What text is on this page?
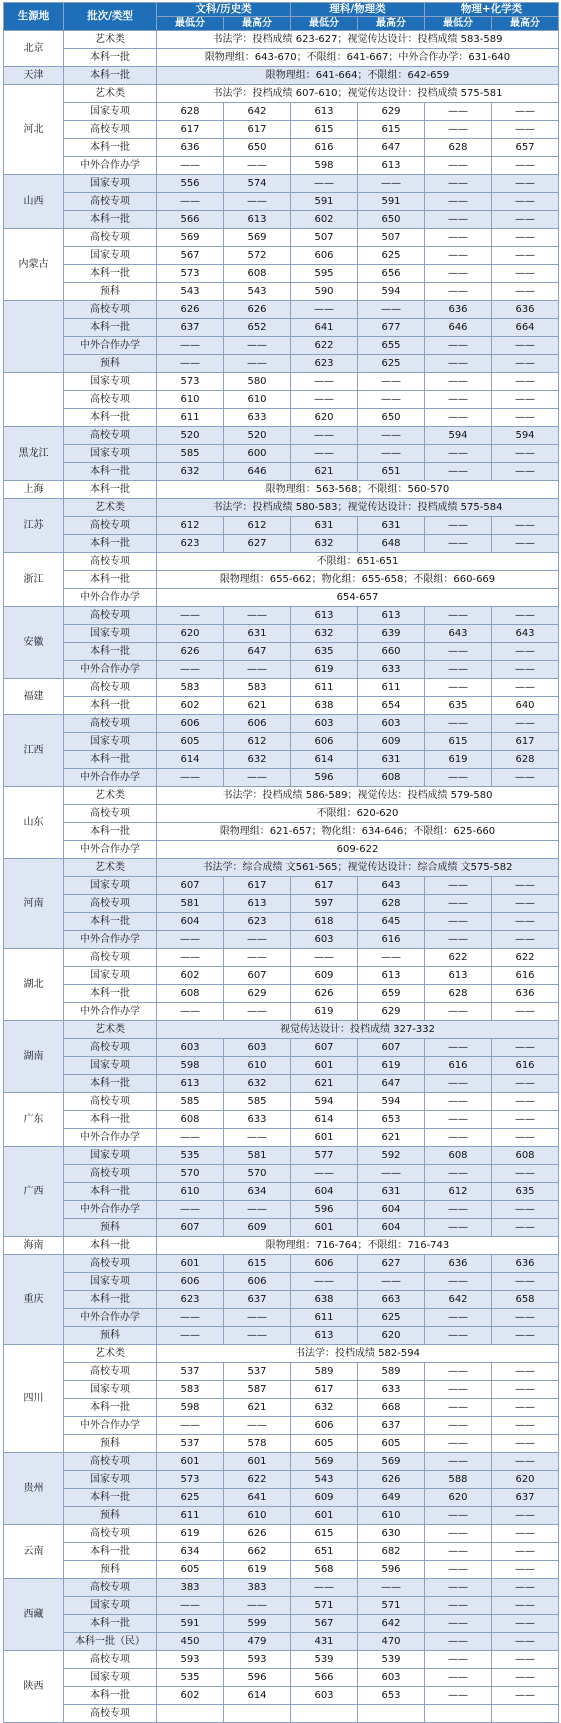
生源地	批次/类型	文科/历史类		理科/物理类		物理+化学类	
		最低分	最高分	最低分	最高分	最低分	最高分
北京	艺术类	书法学：投档成绩 623-627；视觉传达设计：投档成绩 583-589					
	本科一批	限物理组：643-670；不限组：641-667；中外合作办学：631-640					
天津	本科一批	限物理组：641-664；不限组：642-659					
河北	艺术类	书法学：投档成绩 607-610；视觉传达设计：投档成绩 575-581					
	国家专项	628	642	613	629	——	——
	高校专项	617	617	615	615	——	——
	本科一批	636	650	616	647	628	657
	中外合作办学	——	——	598	613	——	——
山西	国家专项	556	574	——	——	——	——
	高校专项	——	——	591	591	——	——
	本科一批	566	613	602	650	——	——
内蒙古	高校专项	569	569	507	507	——	——
	国家专项	567	572	606	625	——	——
	本科一批	573	608	595	656	——	——
	预科	543	543	590	594	——	——
	高校专项	626	626	——	——	636	636
	本科一批	637	652	641	677	646	664
	中外合作办学	——	——	622	655	——	——
	预科	——	——	623	625	——	——
	国家专项	573	580	——	——	——	——
	高校专项	610	610	——	——	——	——
	本科一批	611	633	620	650	——	——
黑龙江	高校专项	520	520	——	——	594	594
	国家专项	585	600	——	——	——	——
	本科一批	632	646	621	651	——	——
上海	本科一批	限物理组：563-568；不限组：560-570					
江苏	艺术类	书法学：投档成绩 580-583；视觉传达设计：投档成绩 575-584					
	高校专项	612	612	631	631	——	——
	本科一批	623	627	632	648	——	——
浙江	高校专项	不限组：651-651					
	本科一批	限物理组：655-662；物化组：655-658；不限组：660-669					
	中外合作办学	654-657					
安徽	高校专项	——	——	613	613	——	——
	国家专项	620	631	632	639	643	643
	本科一批	626	647	635	660	——	——
	中外合作办学	——	——	619	633	——	——
福建	高校专项	583	583	611	611	——	——
	本科一批	602	621	638	654	635	640
江西	高校专项	606	606	603	603	——	——
	国家专项	605	612	606	609	615	617
	本科一批	614	632	614	631	619	628
	中外合作办学	——	——	596	608	——	——
山东	艺术类	书法学：投档成绩 586-589；视觉传达：投档成绩 579-580					
	高校专项	不限组：620-620					
	本科一批	限物理组：621-657；物化组：634-646；不限组：625-660					
	中外合作办学	609-622					
河南	艺术类	书法学：综合成绩 文561-565；视觉传达设计：综合成绩 文575-582					
	国家专项	607	617	617	643	——	——
	高校专项	581	613	597	628	——	——
	本科一批	604	623	618	645	——	——
	中外合作办学	——	——	603	616	——	——
湖北	高校专项	——	——	——	——	622	622
	国家专项	602	607	609	613	613	616
	本科一批	608	629	626	659	628	636
	中外合作办学	——	——	619	629	——	——
湖南	艺术类	视觉传达设计：投档成绩 327-332					
	高校专项	603	603	607	607	——	——
	国家专项	598	610	601	619	616	616
	本科一批	613	632	621	647	——	——
广东	高校专项	585	585	594	594	——	——
	本科一批	608	633	614	653	——	——
	中外合作办学	——	——	601	621	——	——
广西	国家专项	535	581	577	592	608	608
	高校专项	570	570	——	——	——	——
	本科一批	610	634	604	631	612	635
	中外合作办学	——	——	596	604	——	——
	预科	607	609	601	604	——	——
海南	本科一批	限物理组：716-764；不限组：716-743					
重庆	高校专项	601	615	606	627	636	636
	国家专项	606	606	——	——	——	——
	本科一批	623	637	638	663	642	658
	中外合作办学	——	——	611	625	——	——
	预科	——	——	613	620	——	——
四川	艺术类	书法学：投档成绩 582-594					
	高校专项	537	537	589	589	——	——
	国家专项	583	587	617	633	——	——
	本科一批	598	621	632	668	——	——
	中外合作办学	——	——	606	637	——	——
	预科	537	578	605	605	——	——
贵州	高校专项	601	601	569	569	——	——
	国家专项	573	622	543	626	588	620
	本科一批	625	641	609	649	620	637
	预科	611	610	601	610	——	——
云南	高校专项	619	626	615	630	——	——
	本科一批	634	662	651	682	——	——
	预科	605	619	568	596	——	——
西藏	高校专项	383	383	——	——	——	——
	国家专项	——	——	571	571	——	——
	本科一批	591	599	567	642	——	——
	本科一批（民）	450	479	431	470	——	——
陕西	高校专项	593	593	539	539	——	——
	国家专项	535	596	566	603	——	——
	本科一批	602	614	603	653	——	——
	高校专项						
